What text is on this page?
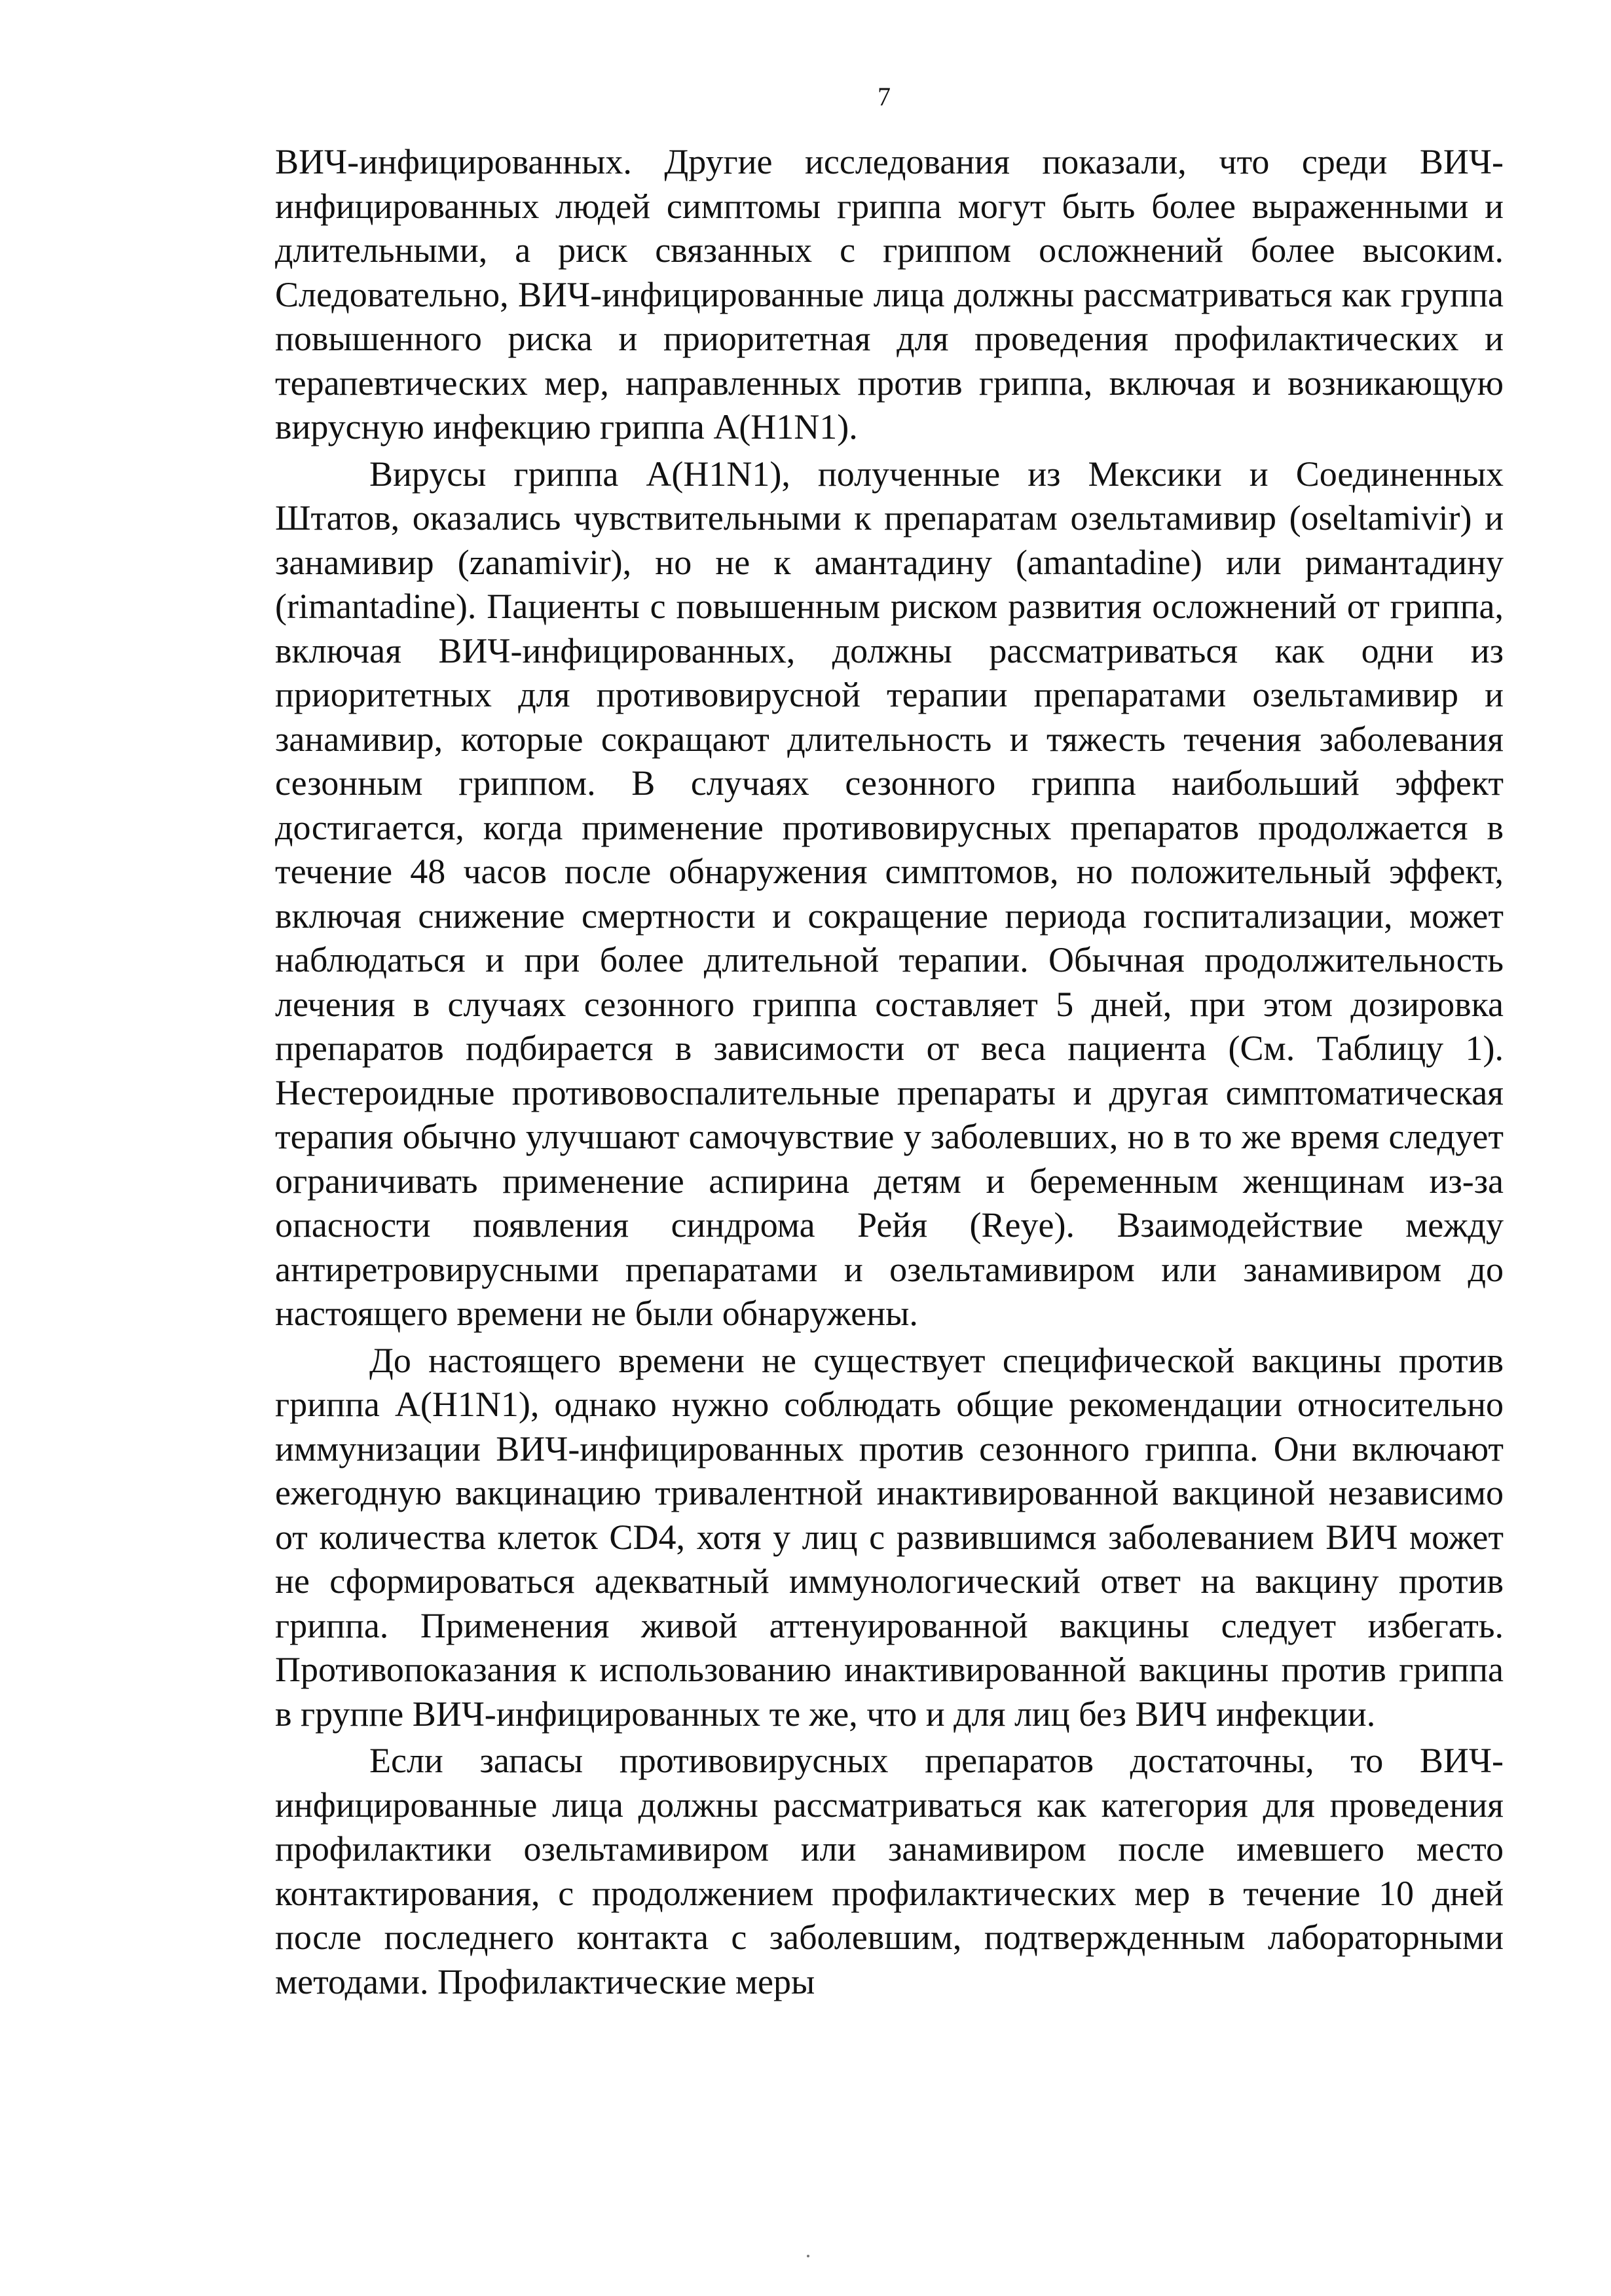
7

ВИЧ-инфицированных. Другие исследования показали, что среди ВИЧ-инфицированных людей симптомы гриппа могут быть более выраженными и длительными, а риск связанных с гриппом осложнений более высоким. Следовательно, ВИЧ-инфицированные лица должны рассматриваться как группа повышенного риска и приоритетная для проведения профилактических и терапевтических мер, направленных против гриппа, включая и возникающую вирусную инфекцию гриппа A(H1N1).

Вирусы гриппа A(H1N1), полученные из Мексики и Соединенных Штатов, оказались чувствительными к препаратам озельтамивир (oseltamivir) и занамивир (zanamivir), но не к амантадину (amantadine) или римантадину (rimantadine). Пациенты с повышенным риском развития осложнений от гриппа, включая ВИЧ-инфицированных, должны рассматриваться как одни из приоритетных для противовирусной терапии препаратами озельтамивир и занамивир, которые сокращают длительность и тяжесть течения заболевания сезонным гриппом. В случаях сезонного гриппа наибольший эффект достигается, когда применение противовирусных препаратов продолжается в течение 48 часов после обнаружения симптомов, но положительный эффект, включая снижение смертности и сокращение периода госпитализации, может наблюдаться и при более длительной терапии. Обычная продолжительность лечения в случаях сезонного гриппа составляет 5 дней, при этом дозировка препаратов подбирается в зависимости от веса пациента (См. Таблицу 1). Нестероидные противовоспалительные препараты и другая симптоматическая терапия обычно улучшают самочувствие у заболевших, но в то же время следует ограничивать применение аспирина детям и беременным женщинам из-за опасности появления синдрома Рейя (Reye). Взаимодействие между антиретровирусными препаратами и озельтамивиром или занамивиром до настоящего времени не были обнаружены.

До настоящего времени не существует специфической вакцины против гриппа A(H1N1), однако нужно соблюдать общие рекомендации относительно иммунизации ВИЧ-инфицированных против сезонного гриппа. Они включают ежегодную вакцинацию тривалентной инактивированной вакциной независимо от количества клеток CD4, хотя у лиц с развившимся заболеванием ВИЧ может не сформироваться адекватный иммунологический ответ на вакцину против гриппа. Применения живой аттенуированной вакцины следует избегать. Противопоказания к использованию инактивированной вакцины против гриппа в группе ВИЧ-инфицированных те же, что и для лиц без ВИЧ инфекции.

Если запасы противовирусных препаратов достаточны, то ВИЧ-инфицированные лица должны рассматриваться как категория для проведения профилактики озельтамивиром или занамивиром после имевшего место контактирования, с продолжением профилактических мер в течение 10 дней после последнего контакта с заболевшим, подтвержденным лабораторными методами. Профилактические меры
